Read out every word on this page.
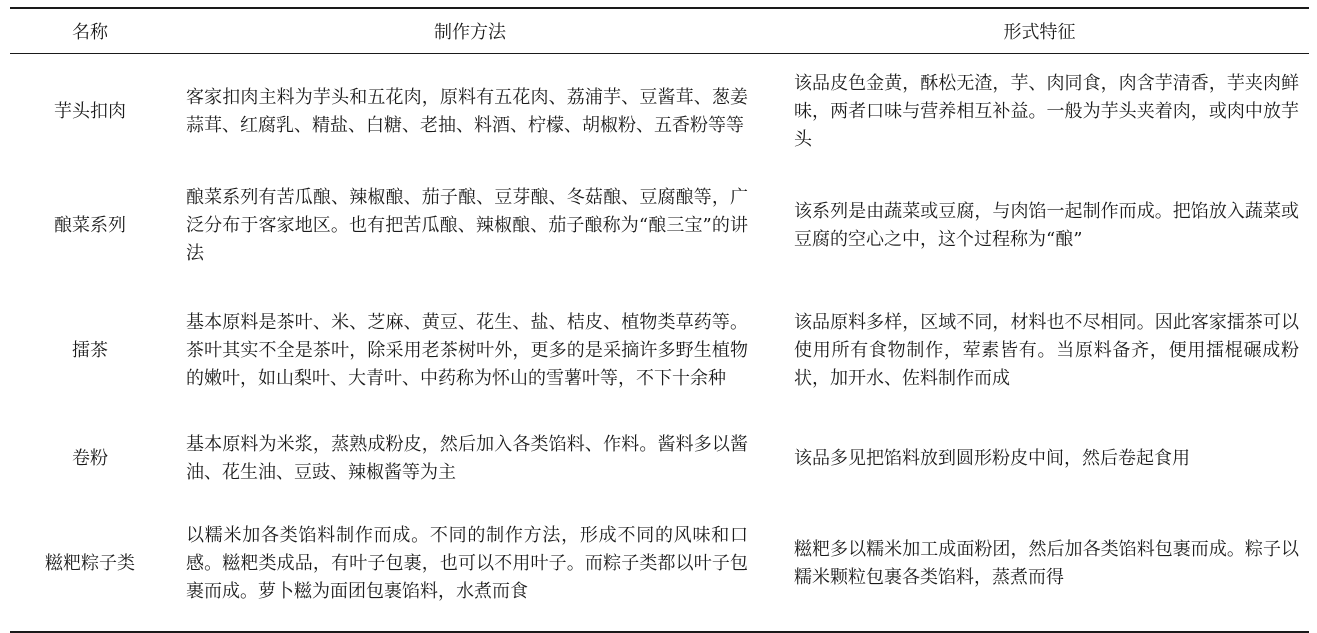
名称	制作方法	形式特征
芋头扣肉	客家扣肉主料为芋头和五花肉，原料有五花肉、荔浦芋、豆酱茸、葱姜蒜茸、红腐乳、精盐、白糖、老抽、料酒、柠檬、胡椒粉、五香粉等等	该品皮色金黄，酥松无渣，芋、肉同食，肉含芋清香，芋夹肉鲜味，两者口味与营养相互补益。一般为芋头夹着肉，或肉中放芋头
酿菜系列	酿菜系列有苦瓜酿、辣椒酿、茄子酿、豆芽酿、冬菇酿、豆腐酿等，广泛分布于客家地区。也有把苦瓜酿、辣椒酿、茄子酿称为“酿三宝”的讲法	该系列是由蔬菜或豆腐，与肉馅一起制作而成。把馅放入蔬菜或豆腐的空心之中，这个过程称为“酿”
擂茶	基本原料是茶叶、米、芝麻、黄豆、花生、盐、桔皮、植物类草药等。茶叶其实不全是茶叶，除采用老茶树叶外，更多的是采摘许多野生植物的嫩叶，如山梨叶、大青叶、中药称为怀山的雪薯叶等，不下十余种	该品原料多样，区域不同，材料也不尽相同。因此客家擂茶可以使用所有食物制作，荤素皆有。当原料备齐，便用擂棍碾成粉状，加开水、佐料制作而成
卷粉	基本原料为米浆，蒸熟成粉皮，然后加入各类馅料、作料。酱料多以酱油、花生油、豆豉、辣椒酱等为主	该品多见把馅料放到圆形粉皮中间，然后卷起食用
糍粑粽子类	以糯米加各类馅料制作而成。不同的制作方法，形成不同的风味和口感。糍粑类成品，有叶子包裹，也可以不用叶子。而粽子类都以叶子包裹而成。萝卜糍为面团包裹馅料，水煮而食	糍粑多以糯米加工成面粉团，然后加各类馅料包裹而成。粽子以糯米颗粒包裹各类馅料，蒸煮而得
